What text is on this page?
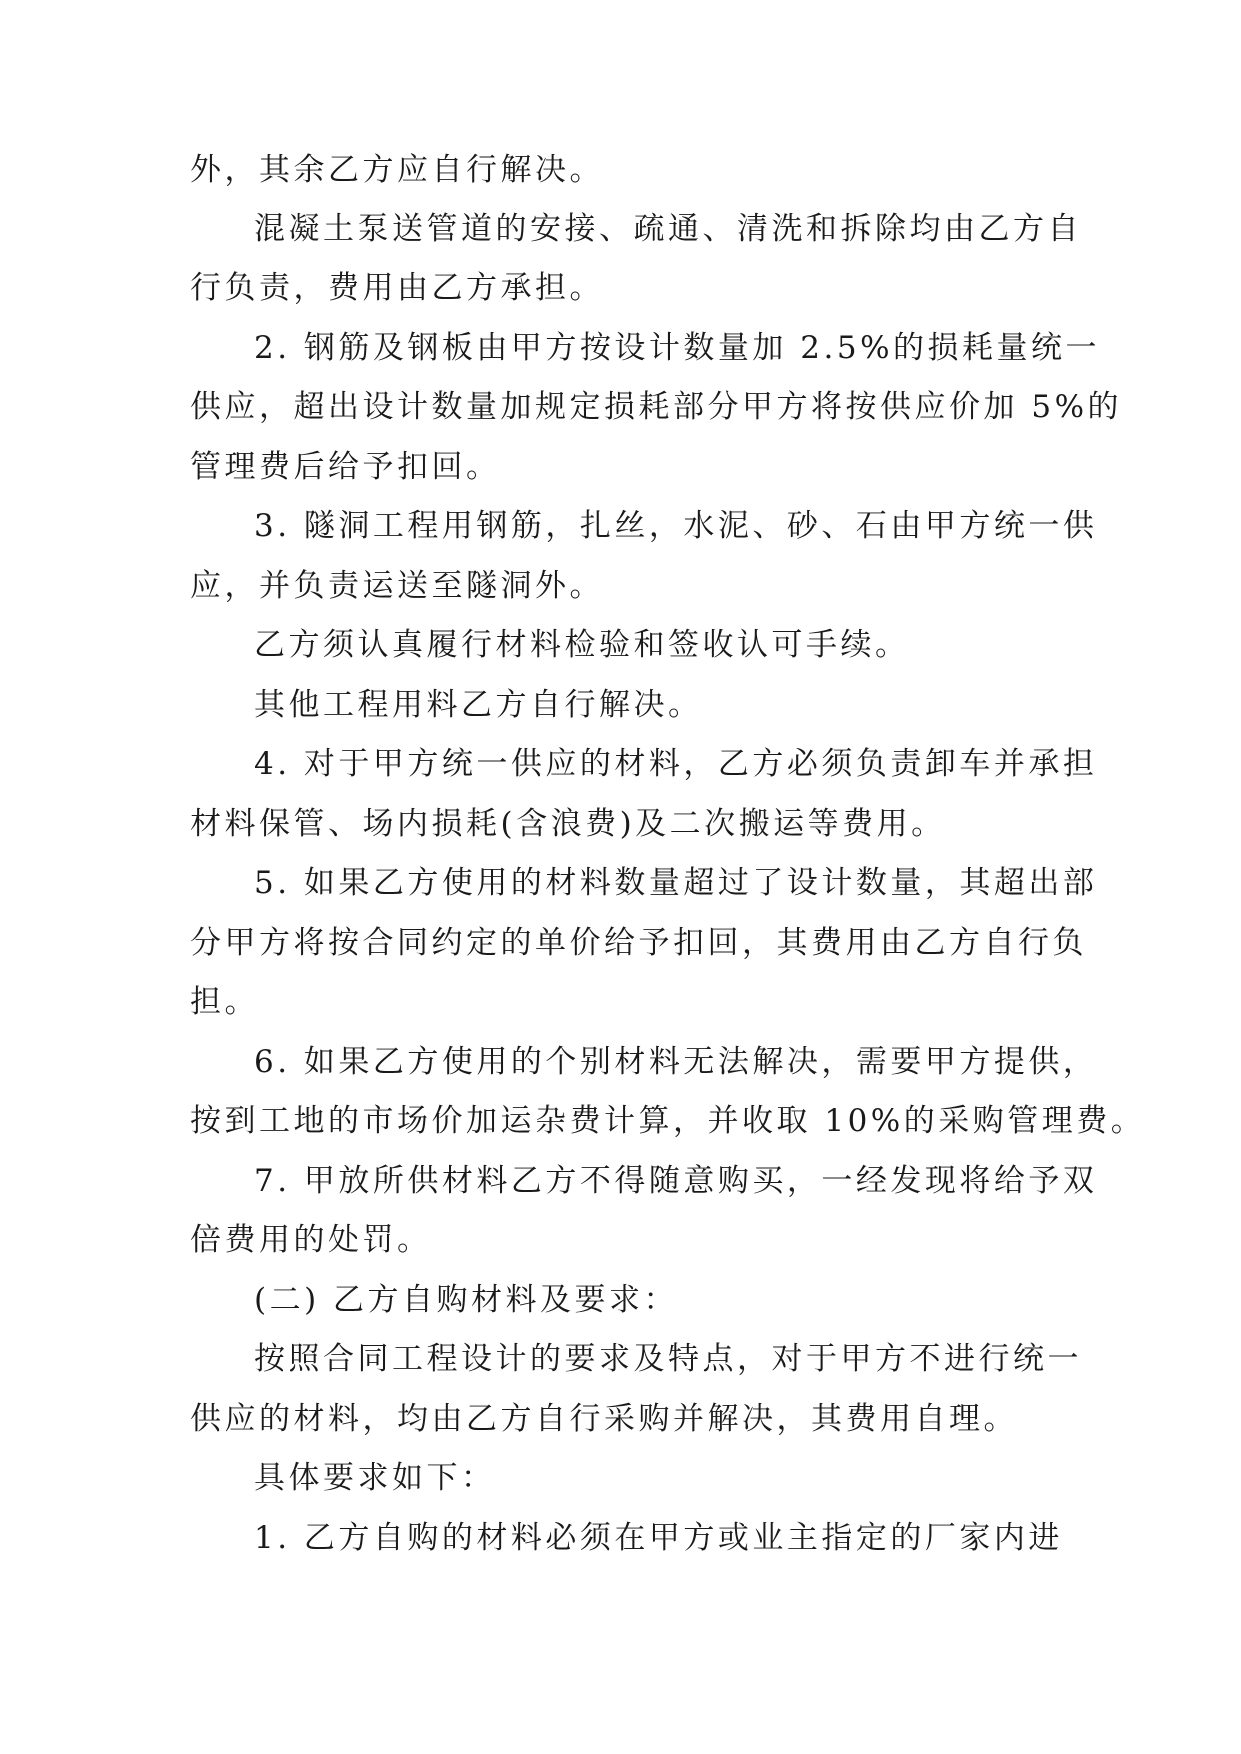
外，其余乙方应自行解决。
混凝土泵送管道的安接、疏通、清洗和拆除均由乙方自
行负责，费用由乙方承担。
2. 钢筋及钢板由甲方按设计数量加 2.5%的损耗量统一
供应，超出设计数量加规定损耗部分甲方将按供应价加 5%的
管理费后给予扣回。
3. 隧洞工程用钢筋，扎丝，水泥、砂、石由甲方统一供
应，并负责运送至隧洞外。
乙方须认真履行材料检验和签收认可手续。
其他工程用料乙方自行解决。
4. 对于甲方统一供应的材料，乙方必须负责卸车并承担
材料保管、场内损耗(含浪费)及二次搬运等费用。
5. 如果乙方使用的材料数量超过了设计数量，其超出部
分甲方将按合同约定的单价给予扣回，其费用由乙方自行负
担。
6. 如果乙方使用的个别材料无法解决，需要甲方提供，
按到工地的市场价加运杂费计算，并收取 10%的采购管理费。
7. 甲放所供材料乙方不得随意购买，一经发现将给予双
倍费用的处罚。
(二) 乙方自购材料及要求：
按照合同工程设计的要求及特点，对于甲方不进行统一
供应的材料，均由乙方自行采购并解决，其费用自理。
具体要求如下：
1. 乙方自购的材料必须在甲方或业主指定的厂家内进
